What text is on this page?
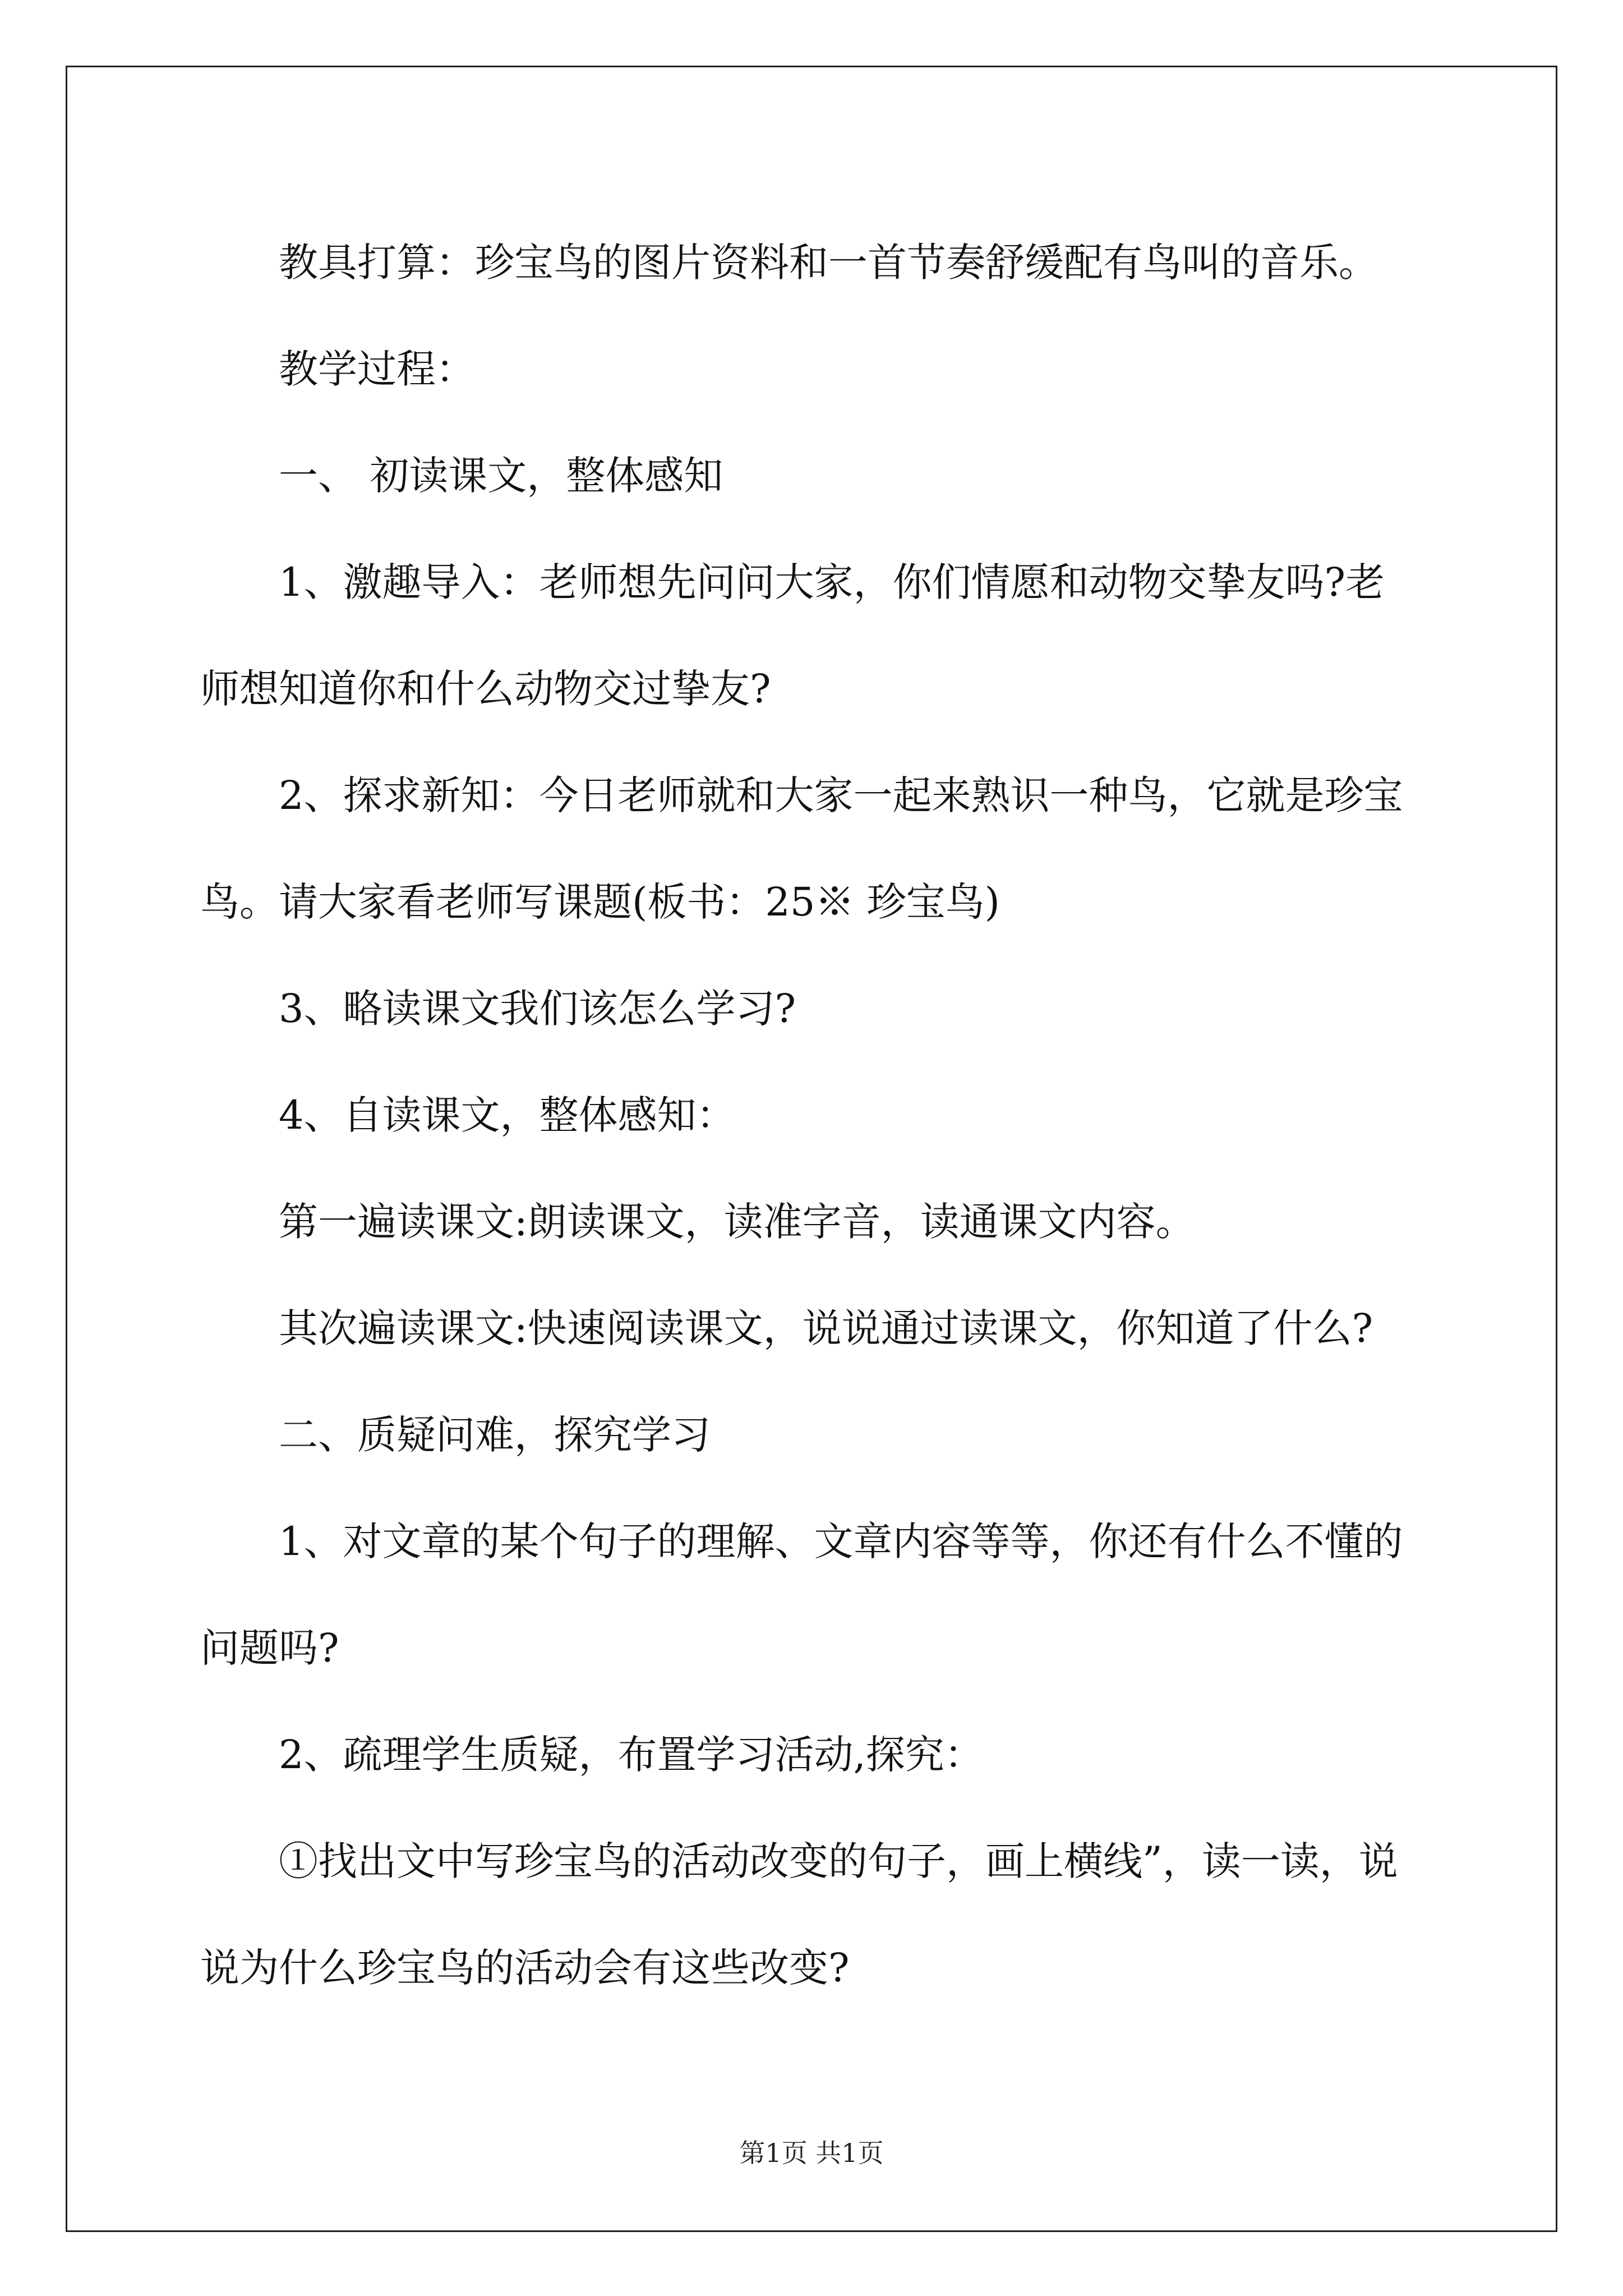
教具打算：珍宝鸟的图片资料和一首节奏舒缓配有鸟叫的音乐。

教学过程：

一、 初读课文，整体感知

1、激趣导入：老师想先问问大家，你们情愿和动物交挚友吗?老师想知道你和什么动物交过挚友?

2、探求新知：今日老师就和大家一起来熟识一种鸟，它就是珍宝鸟。请大家看老师写课题(板书：25※ 珍宝鸟)

3、略读课文我们该怎么学习?

4、自读课文，整体感知：

第一遍读课文:朗读课文，读准字音，读通课文内容。

其次遍读课文:快速阅读课文，说说通过读课文，你知道了什么?

二、质疑问难，探究学习

1、对文章的某个句子的理解、文章内容等等，你还有什么不懂的问题吗?

2、疏理学生质疑，布置学习活动,探究：

①找出文中写珍宝鸟的活动改变的句子，画上横线”，读一读，说说为什么珍宝鸟的活动会有这些改变?

第1页 共1页
